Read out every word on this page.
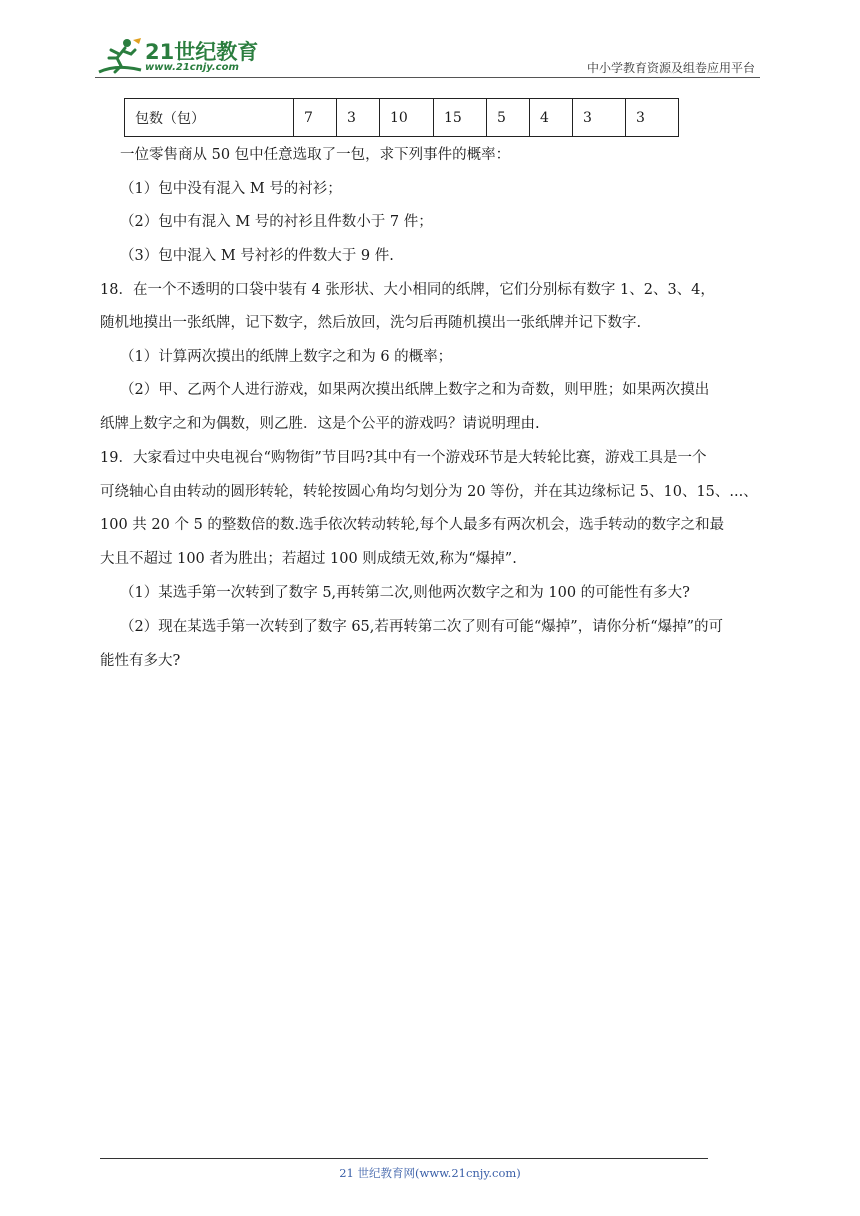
21世纪教育
www.21cnjy.com	中小学教育资源及组卷应用平台
包数（包）	7	3	10	15	5	4	3	3
一位零售商从 50 包中任意选取了一包，求下列事件的概率：
（1）包中没有混入 M 号的衬衫；
（2）包中有混入 M 号的衬衫且件数小于 7 件；
（3）包中混入 M 号衬衫的件数大于 9 件.
18．在一个不透明的口袋中装有 4 张形状、大小相同的纸牌，它们分别标有数字 1、2、3、4，
随机地摸出一张纸牌，记下数字，然后放回，洗匀后再随机摸出一张纸牌并记下数字.
（1）计算两次摸出的纸牌上数字之和为 6 的概率；
（2）甲、乙两个人进行游戏，如果两次摸出纸牌上数字之和为奇数，则甲胜；如果两次摸出
纸牌上数字之和为偶数，则乙胜．这是个公平的游戏吗？请说明理由.
19．大家看过中央电视台“购物街”节目吗?其中有一个游戏环节是大转轮比赛，游戏工具是一个
可绕轴心自由转动的圆形转轮，转轮按圆心角均匀划分为 20 等份，并在其边缘标记 5、10、15、...、
100 共 20 个 5 的整数倍的数.选手依次转动转轮,每个人最多有两次机会，选手转动的数字之和最
大且不超过 100 者为胜出；若超过 100 则成绩无效,称为“爆掉”.
（1）某选手第一次转到了数字 5,再转第二次,则他两次数字之和为 100 的可能性有多大?
（2）现在某选手第一次转到了数字 65,若再转第二次了则有可能“爆掉”，请你分析“爆掉”的可
能性有多大?
21 世纪教育网(www.21cnjy.com)
